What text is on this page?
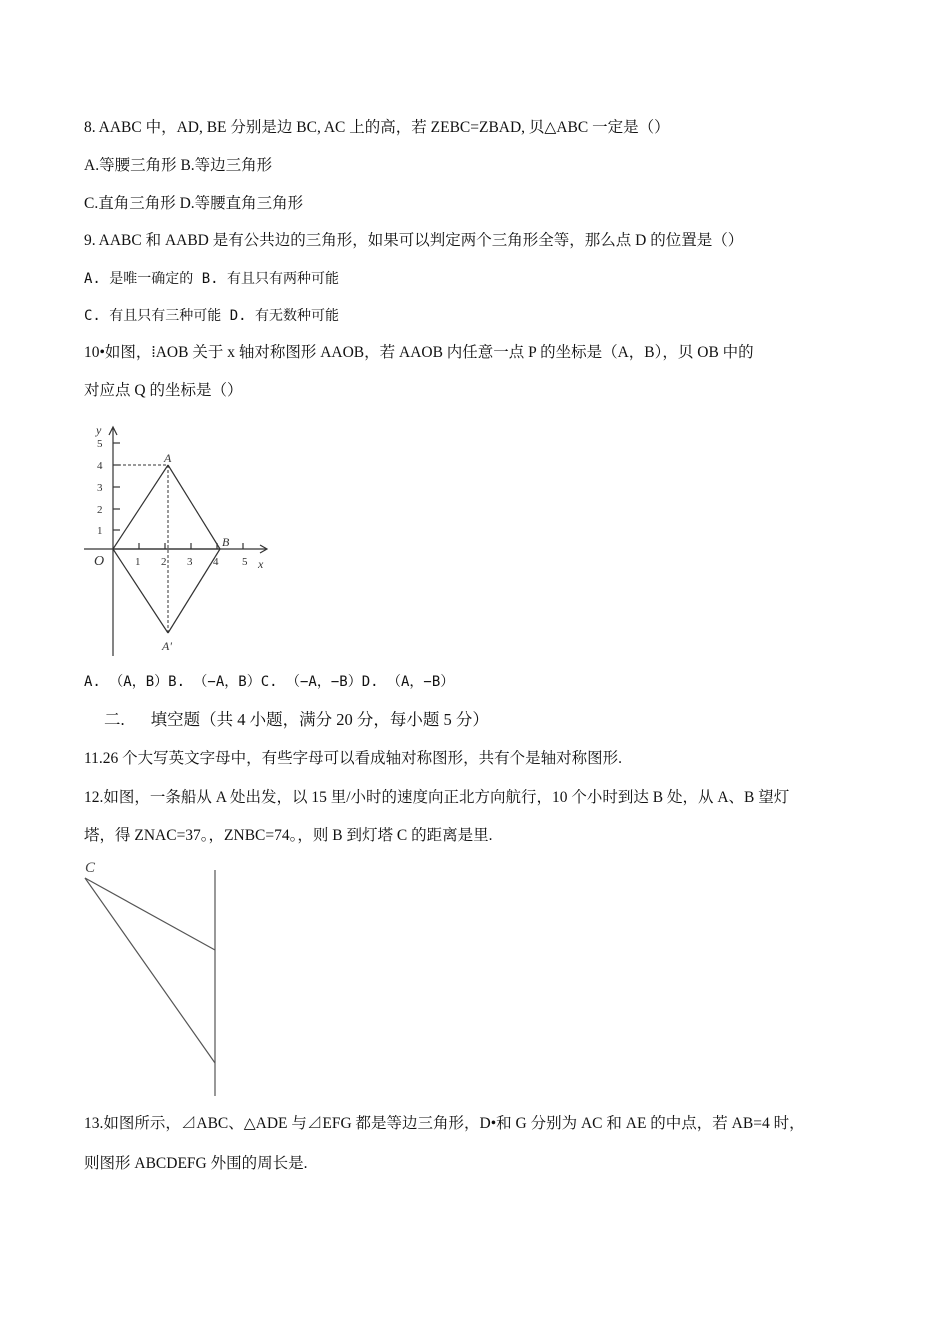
8. AABC 中，AD, BE 分别是边 BC, AC 上的高，若 ZEBC=ZBAD, 贝△ABC 一定是（）
A.等腰三角形 B.等边三角形
C.直角三角形 D.等腰直角三角形
9. AABC 和 AABD 是有公共边的三角形，如果可以判定两个三角形全等，那么点 D 的位置是（）
A. 是唯一确定的 B. 有且只有两种可能
C. 有且只有三种可能 D. 有无数种可能
10•如图，⁞AOB 关于 x 轴对称图形 AAOB，若 AAOB 内任意一点 P 的坐标是（A，B），贝 OB 中的
对应点 Q 的坐标是（）
y
x
O
A
B
A'
1
2
3
4
5
1 2 3 4 5
A. （A，B）B. （−A，B）C. （−A，−B）D. （A，−B）
二. 填空题（共 4 小题，满分 20 分，每小题 5 分）
11.26 个大写英文字母中，有些字母可以看成轴对称图形，共有个是轴对称图形.
12.如图，一条船从 A 处出发，以 15 里/小时的速度向正北方向航行，10 个小时到达 B 处，从 A、B 望灯
塔，得 ZNAC=37。，ZNBC=74。，则 B 到灯塔 C 的距离是里.
C
13.如图所示，⊿ABC、△ADE 与⊿EFG 都是等边三角形，D•和 G 分别为 AC 和 AE 的中点，若 AB=4 时，
则图形 ABCDEFG 外围的周长是.
